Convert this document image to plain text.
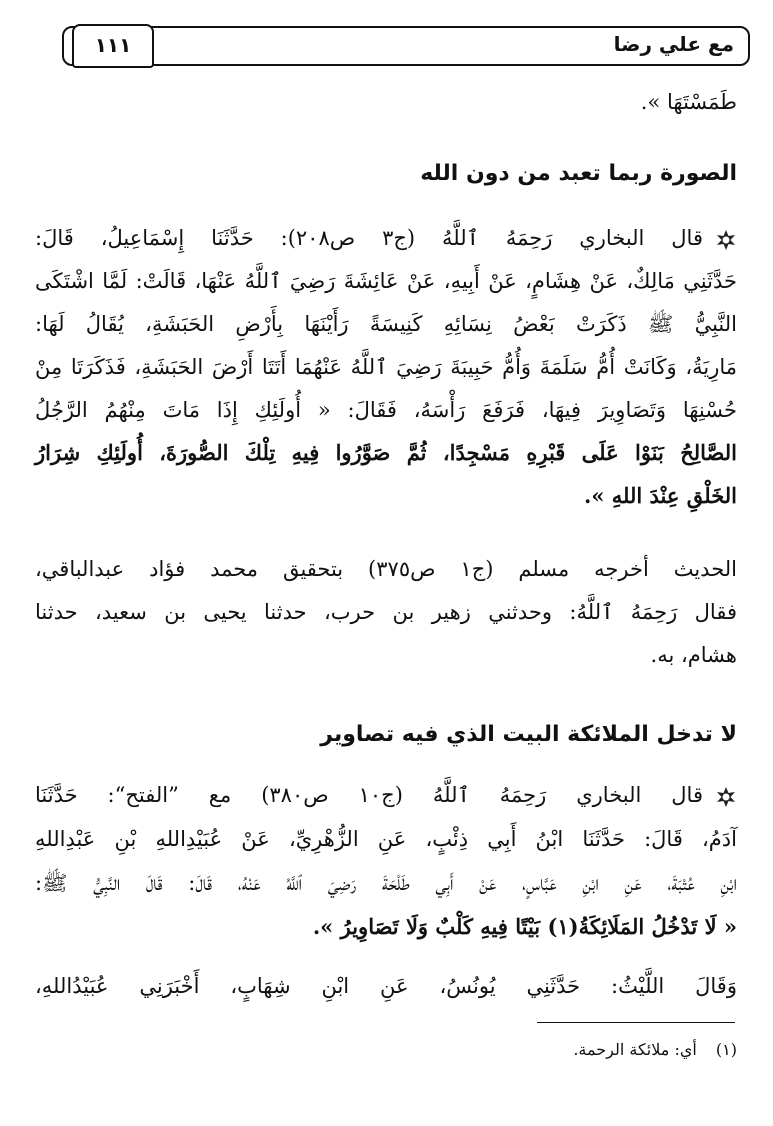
مع علي رضا
١١١
طَمَسْتَهَا ».
الصورة ربما تعبد من دون الله
قال البخاري رَحِمَهُ ٱللَّهُ (ج٣ ص٢٠٨): حَدَّثَنَا إِسْمَاعِيلُ، قَالَ:
حَدَّثَنِي مَالِكٌ، عَنْ هِشَامٍ، عَنْ أَبِيهِ، عَنْ عَائِشَةَ رَضِيَ ٱللَّهُ عَنْهَا، قَالَتْ: لَمَّا اشْتَكَى
النَّبِيُّ ﷺ ذَكَرَتْ بَعْضُ نِسَائِهِ كَنِيسَةً رَأَيْنَهَا بِأَرْضِ الحَبَشَةِ، يُقَالُ لَهَا:
مَارِيَةُ، وَكَانَتْ أُمُّ سَلَمَةَ وَأُمُّ حَبِيبَةَ رَضِيَ ٱللَّهُ عَنْهُمَا أَتَتَا أَرْضَ الحَبَشَةِ، فَذَكَرَتَا مِنْ
حُسْنِهَا وَتَصَاوِيرَ فِيهَا، فَرَفَعَ رَأْسَهُ، فَقَالَ: « أُولَئِكِ إِذَا مَاتَ مِنْهُمُ الرَّجُلُ
الصَّالِحُ بَنَوْا عَلَى قَبْرِهِ مَسْجِدًا، ثُمَّ صَوَّرُوا فِيهِ تِلْكَ الصُّورَةَ، أُولَئِكِ شِرَارُ
الخَلْقِ عِنْدَ اللهِ ».
الحديث أخرجه مسلم (ج١ ص٣٧٥) بتحقيق محمد فؤاد عبدالباقي،
فقال رَحِمَهُ ٱللَّهُ: وحدثني زهير بن حرب، حدثنا يحيى بن سعيد، حدثنا
هشام، به.
لا تدخل الملائكة البيت الذي فيه تصاوير
قال البخاري رَحِمَهُ ٱللَّهُ (ج١٠ ص٣٨٠) مع ”الفتح“: حَدَّثَنَا
آدَمُ، قَالَ: حَدَّثَنَا ابْنُ أَبِي ذِئْبٍ، عَنِ الزُّهْرِيِّ، عَنْ عُبَيْدِاللهِ بْنِ عَبْدِاللهِ
ابْنِ عُتْبَةَ، عَنِ ابْنِ عَبَّاسٍ، عَنْ أَبِي طَلْحَةَ رَضِيَ ٱللَّهُ عَنْهُ، قَالَ: قَالَ النَّبِيُّ ﷺ:
« لَا تَدْخُلُ المَلَائِكَةُ(١) بَيْتًا فِيهِ كَلْبٌ وَلَا تَصَاوِيرُ ».
وَقَالَ اللَّيْثُ: حَدَّثَنِي يُونُسُ، عَنِ ابْنِ شِهَابٍ، أَخْبَرَنِي عُبَيْدُاللهِ،
(١) أي: ملائكة الرحمة.
